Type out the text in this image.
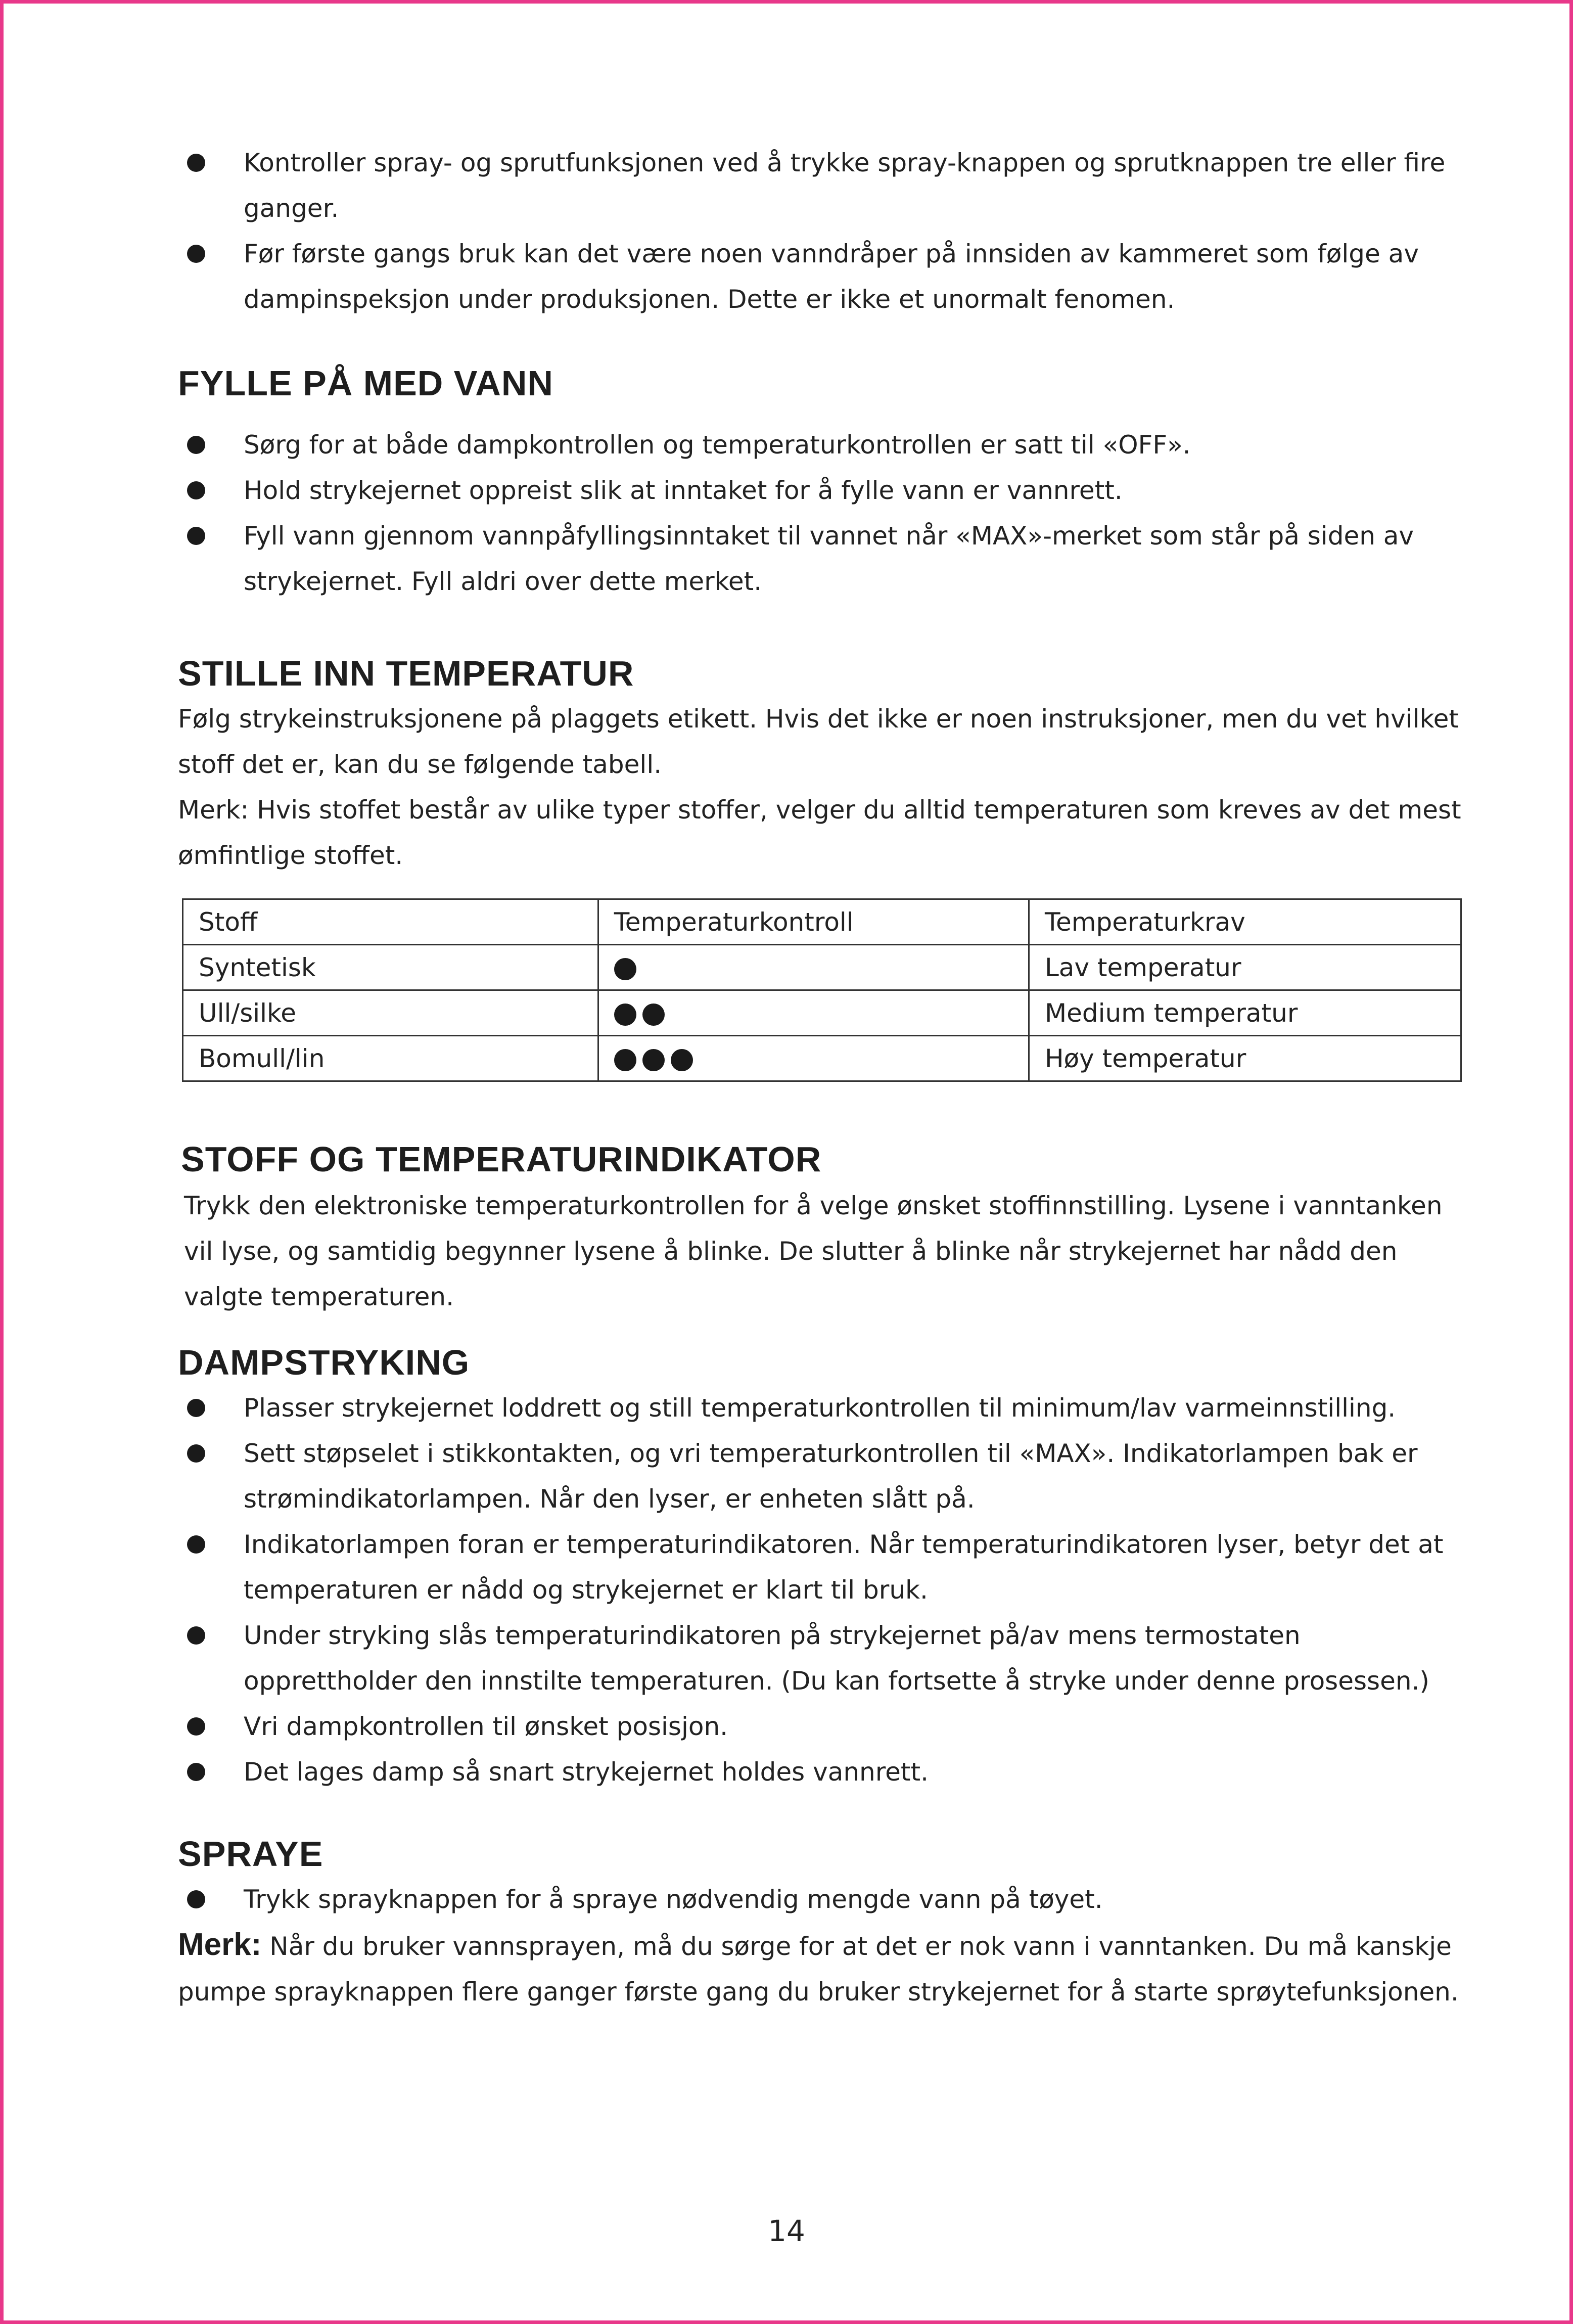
Kontroller spray- og sprutfunksjonen ved å trykke spray-knappen og sprutknappen tre eller fire ganger.
Før første gangs bruk kan det være noen vanndråper på innsiden av kammeret som følge av dampinspeksjon under produksjonen. Dette er ikke et unormalt fenomen.
FYLLE PÅ MED VANN
Sørg for at både dampkontrollen og temperaturkontrollen er satt til «OFF».
Hold strykejernet oppreist slik at inntaket for å fylle vann er vannrett.
Fyll vann gjennom vannpåfyllingsinntaket til vannet når «MAX»-merket som står på siden av strykejernet. Fyll aldri over dette merket.
STILLE INN TEMPERATUR

Følg strykeinstruksjonene på plaggets etikett. Hvis det ikke er noen instruksjoner, men du vet hvilket stoff det er, kan du se følgende tabell.

Merk: Hvis stoffet består av ulike typer stoffer, velger du alltid temperaturen som kreves av det mest ømfintlige stoffet.

Stoff	Temperaturkontroll	Temperaturkrav
Syntetisk		Lav temperatur
Ull/silke		Medium temperatur
Bomull/lin		Høy temperatur
STOFF OG TEMPERATURINDIKATOR
Trykk den elektroniske temperaturkontrollen for å velge ønsket stoffinnstilling. Lysene i vanntanken vil lyse, og samtidig begynner lysene å blinke. De slutter å blinke når strykejernet har nådd den valgte temperaturen.
DAMPSTRYKING
Plasser strykejernet loddrett og still temperaturkontrollen til minimum/lav varmeinnstilling.
Sett støpselet i stikkontakten, og vri temperaturkontrollen til «MAX». Indikatorlampen bak er strømindikatorlampen. Når den lyser, er enheten slått på.
Indikatorlampen foran er temperaturindikatoren. Når temperaturindikatoren lyser, betyr det at temperaturen er nådd og strykejernet er klart til bruk.
Under stryking slås temperaturindikatoren på strykejernet på/av mens termostaten opprettholder den innstilte temperaturen. (Du kan fortsette å stryke under denne prosessen.)
Vri dampkontrollen til ønsket posisjon.
Det lages damp så snart strykejernet holdes vannrett.
SPRAYE
Trykk sprayknappen for å spraye nødvendig mengde vann på tøyet.
Merk: Når du bruker vannsprayen, må du sørge for at det er nok vann i vanntanken. Du må kanskje pumpe sprayknappen flere ganger første gang du bruker strykejernet for å starte sprøytefunksjonen.
14
